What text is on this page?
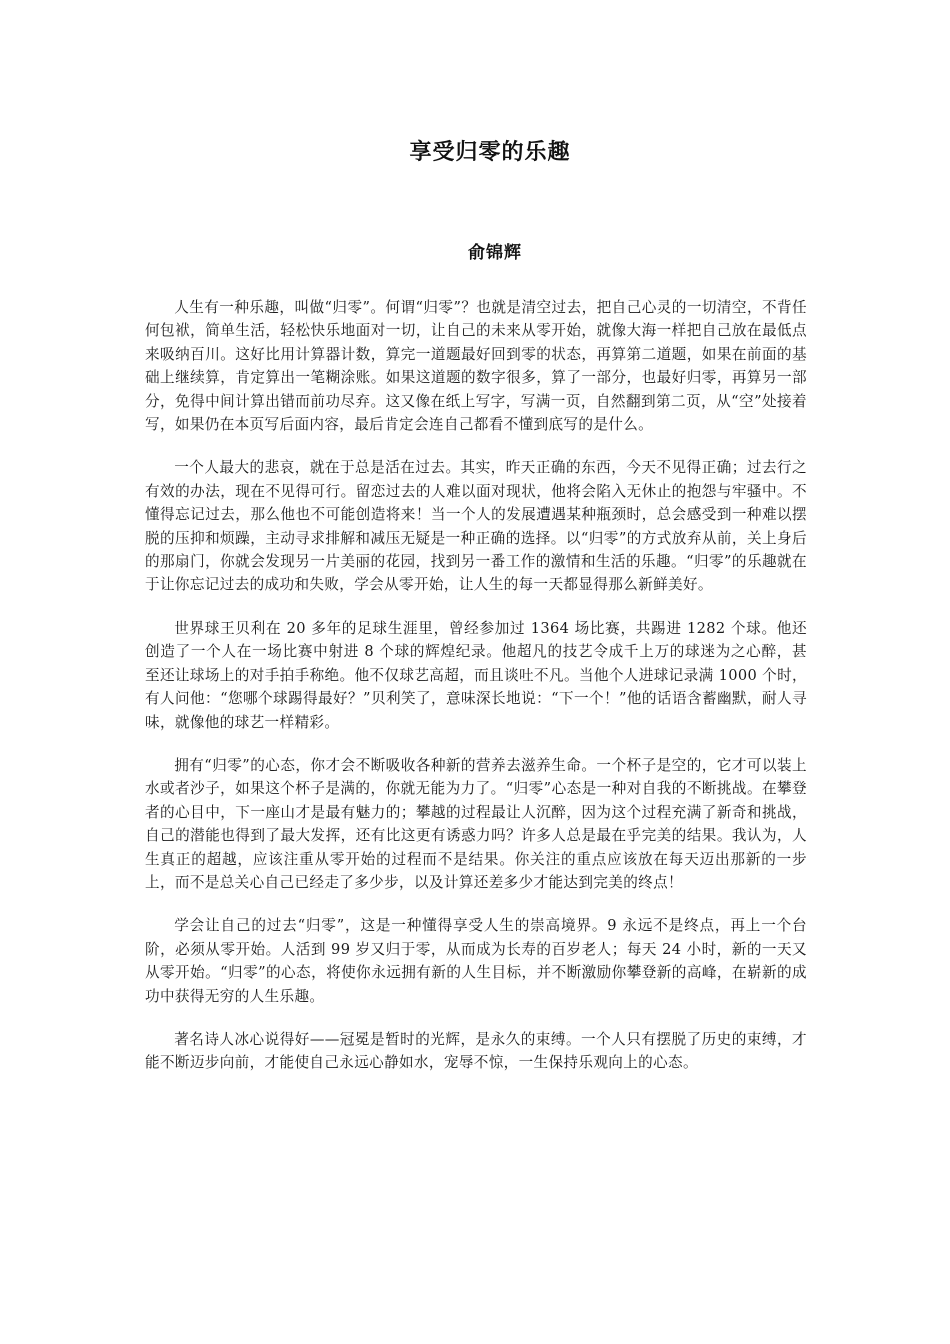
享受归零的乐趣
俞锦辉

人生有一种乐趣，叫做“归零”。何谓“归零”？也就是清空过去，把自己心灵的一切清空，不背任何包袱，简单生活，轻松快乐地面对一切，让自己的未来从零开始，就像大海一样把自己放在最低点来吸纳百川。这好比用计算器计数，算完一道题最好回到零的状态，再算第二道题，如果在前面的基础上继续算，肯定算出一笔糊涂账。如果这道题的数字很多，算了一部分，也最好归零，再算另一部分，免得中间计算出错而前功尽弃。这又像在纸上写字，写满一页，自然翻到第二页，从“空”处接着写，如果仍在本页写后面内容，最后肯定会连自己都看不懂到底写的是什么。

一个人最大的悲哀，就在于总是活在过去。其实，昨天正确的东西，今天不见得正确；过去行之有效的办法，现在不见得可行。留恋过去的人难以面对现状，他将会陷入无休止的抱怨与牢骚中。不懂得忘记过去，那么他也不可能创造将来！当一个人的发展遭遇某种瓶颈时，总会感受到一种难以摆脱的压抑和烦躁，主动寻求排解和减压无疑是一种正确的选择。以“归零”的方式放弃从前，关上身后的那扇门，你就会发现另一片美丽的花园，找到另一番工作的激情和生活的乐趣。“归零”的乐趣就在于让你忘记过去的成功和失败，学会从零开始，让人生的每一天都显得那么新鲜美好。

世界球王贝利在 20 多年的足球生涯里，曾经参加过 1364 场比赛，共踢进 1282 个球。他还创造了一个人在一场比赛中射进 8 个球的辉煌纪录。他超凡的技艺令成千上万的球迷为之心醉，甚至还让球场上的对手拍手称绝。他不仅球艺高超，而且谈吐不凡。当他个人进球记录满 1000 个时，有人问他：“您哪个球踢得最好？”贝利笑了，意味深长地说：“下一个！”他的话语含蓄幽默，耐人寻味，就像他的球艺一样精彩。

拥有“归零”的心态，你才会不断吸收各种新的营养去滋养生命。一个杯子是空的，它才可以装上水或者沙子，如果这个杯子是满的，你就无能为力了。“归零”心态是一种对自我的不断挑战。在攀登者的心目中，下一座山才是最有魅力的；攀越的过程最让人沉醉，因为这个过程充满了新奇和挑战，自己的潜能也得到了最大发挥，还有比这更有诱惑力吗？许多人总是最在乎完美的结果。我认为，人生真正的超越，应该注重从零开始的过程而不是结果。你关注的重点应该放在每天迈出那新的一步上，而不是总关心自己已经走了多少步，以及计算还差多少才能达到完美的终点！

学会让自己的过去“归零”，这是一种懂得享受人生的崇高境界。9 永远不是终点，再上一个台阶，必须从零开始。人活到 99 岁又归于零，从而成为长寿的百岁老人；每天 24 小时，新的一天又从零开始。“归零”的心态，将使你永远拥有新的人生目标，并不断激励你攀登新的高峰，在崭新的成功中获得无穷的人生乐趣。

著名诗人冰心说得好——冠冕是暂时的光辉，是永久的束缚。一个人只有摆脱了历史的束缚，才能不断迈步向前，才能使自己永远心静如水，宠辱不惊，一生保持乐观向上的心态。
